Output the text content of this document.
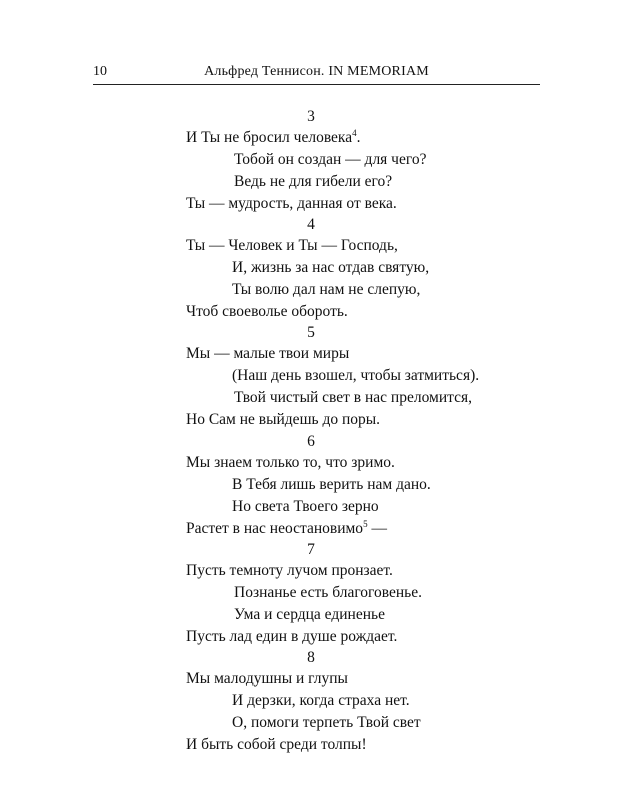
10	Альфред Теннисон. IN MEMORIAM
3
И Ты не бросил человека$^4$.
Тобой он создан — для чего?
Ведь не для гибели его?
Ты — мудрость, данная от века.
4
Ты — Человек и Ты — Господь,
И, жизнь за нас отдав святую,
Ты волю дал нам не слепую,
Чтоб своеволье обороть.
5
Мы — малые твои миры
(Наш день взошел, чтобы затмиться).
Твой чистый свет в нас преломится,
Но Сам не выйдешь до поры.
6
Мы знаем только то, что зримо.
В Тебя лишь верить нам дано.
Но света Твоего зерно
Растет в нас неостановимо$^5$ —
7
Пусть темноту лучом пронзает.
Познанье есть благоговенье.
Ума и сердца единенье
Пусть лад един в душе рождает.
8
Мы малодушны и глупы
И дерзки, когда страха нет.
О, помоги терпеть Твой свет
И быть собой среди толпы!
